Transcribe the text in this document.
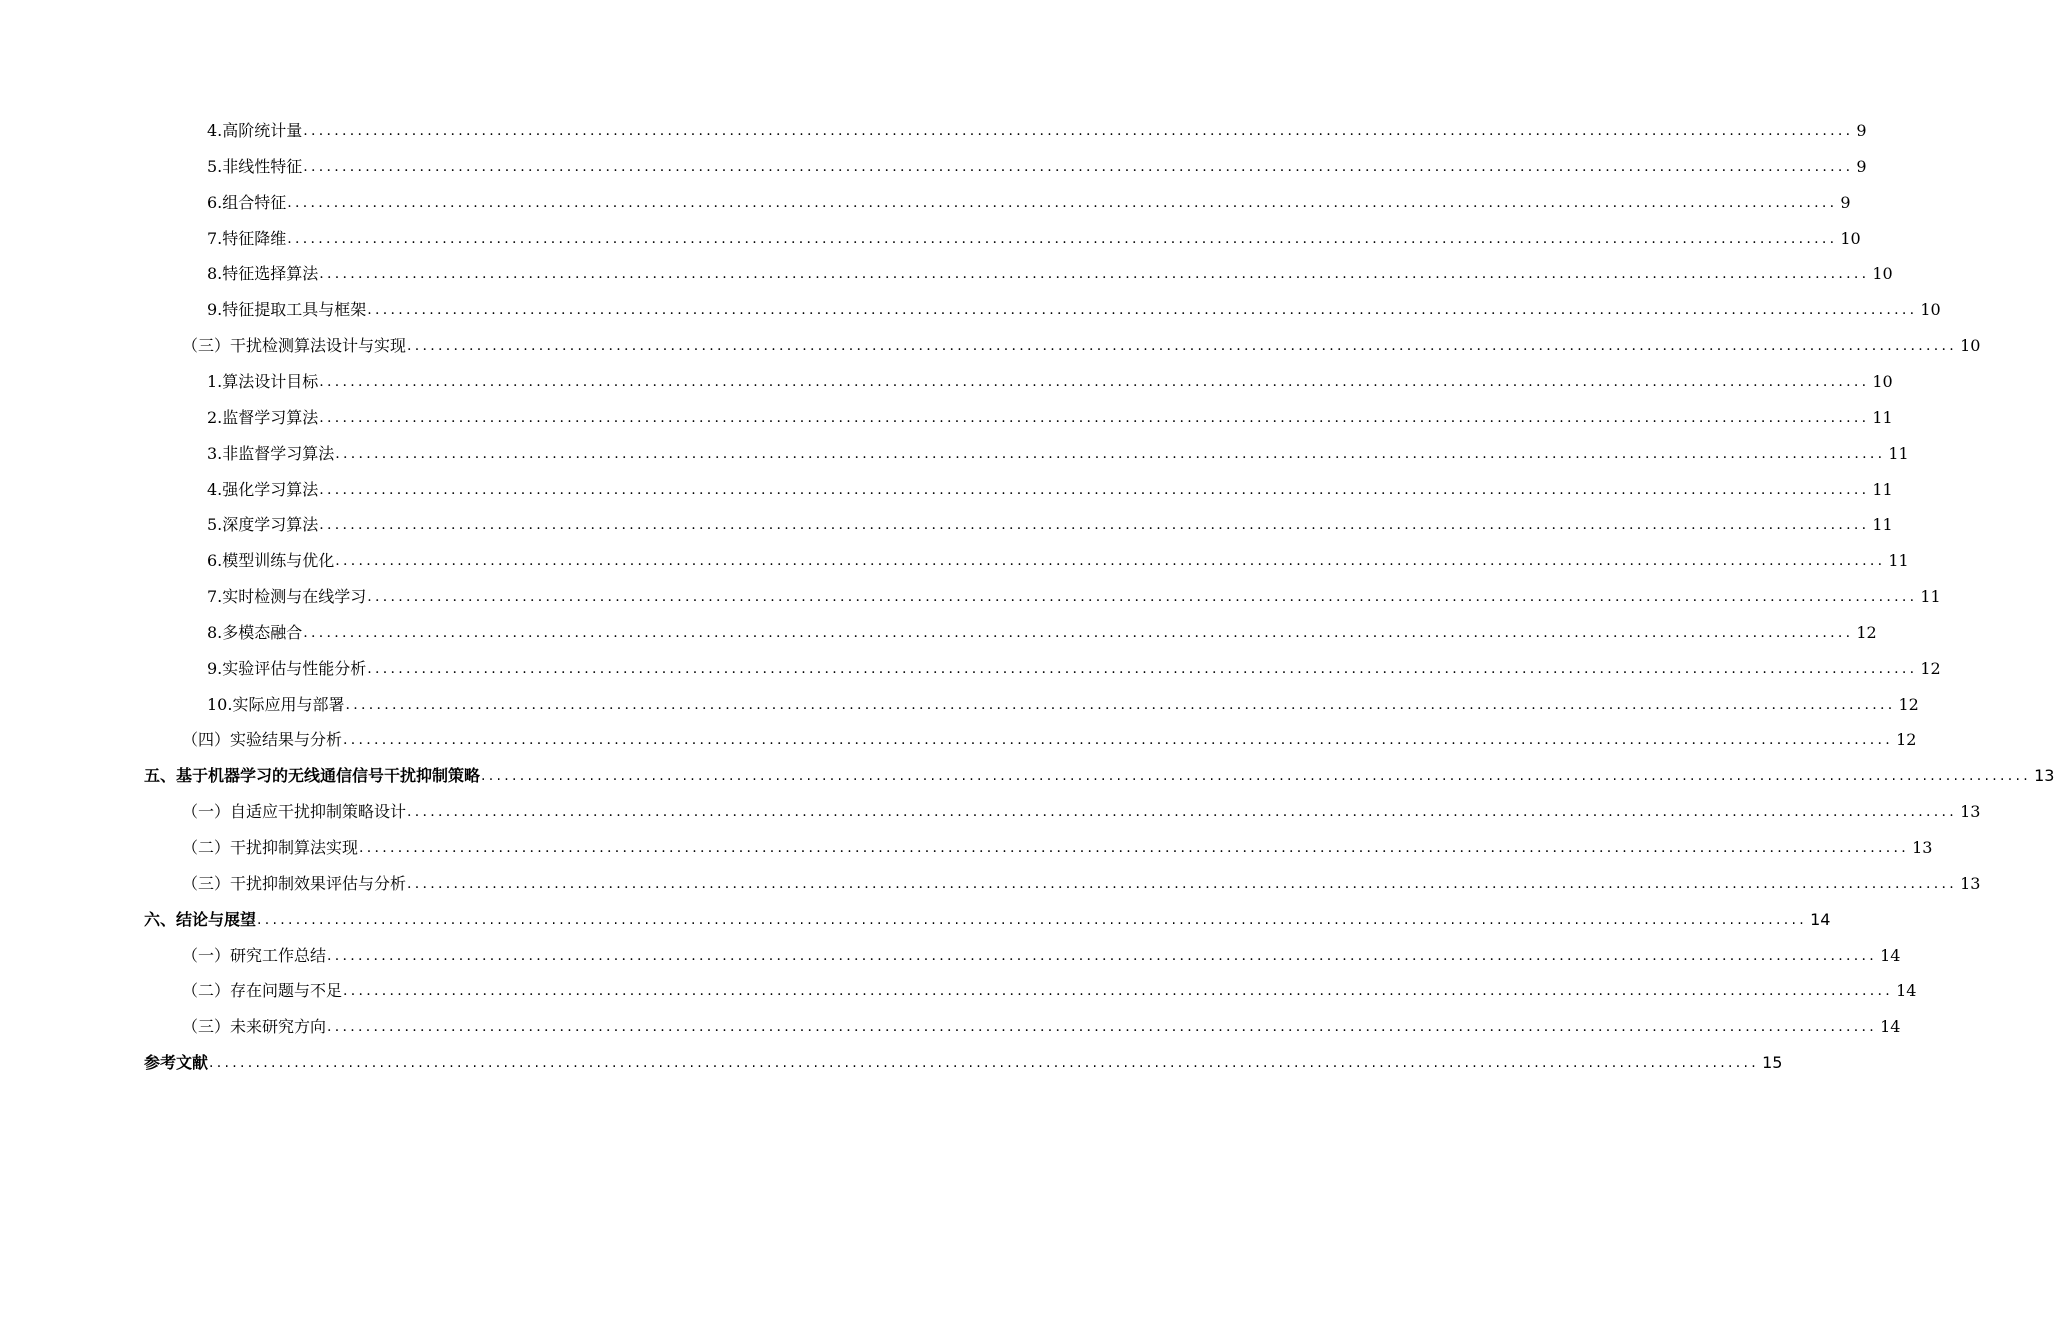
4.高阶统计量 ........................................................................................................................................................................................................ 9
5.非线性特征 ........................................................................................................................................................................................................ 9
6.组合特征 ........................................................................................................................................................................................................ 9
7.特征降维 ........................................................................................................................................................................................................ 10
8.特征选择算法 ........................................................................................................................................................................................................ 10
9.特征提取工具与框架 ........................................................................................................................................................................................................ 10
（三）干扰检测算法设计与实现 ........................................................................................................................................................................................................ 10
1.算法设计目标 ........................................................................................................................................................................................................ 10
2.监督学习算法 ........................................................................................................................................................................................................ 11
3.非监督学习算法 ........................................................................................................................................................................................................ 11
4.强化学习算法 ........................................................................................................................................................................................................ 11
5.深度学习算法 ........................................................................................................................................................................................................ 11
6.模型训练与优化 ........................................................................................................................................................................................................ 11
7.实时检测与在线学习 ........................................................................................................................................................................................................ 11
8.多模态融合 ........................................................................................................................................................................................................ 12
9.实验评估与性能分析 ........................................................................................................................................................................................................ 12
10.实际应用与部署 ........................................................................................................................................................................................................ 12
（四）实验结果与分析 ........................................................................................................................................................................................................ 12
五、基于机器学习的无线通信信号干扰抑制策略 ........................................................................................................................................................................................................ 13
（一）自适应干扰抑制策略设计 ........................................................................................................................................................................................................ 13
（二）干扰抑制算法实现 ........................................................................................................................................................................................................ 13
（三）干扰抑制效果评估与分析 ........................................................................................................................................................................................................ 13
六、结论与展望 ........................................................................................................................................................................................................ 14
（一）研究工作总结 ........................................................................................................................................................................................................ 14
（二）存在问题与不足 ........................................................................................................................................................................................................ 14
（三）未来研究方向 ........................................................................................................................................................................................................ 14
参考文献 ........................................................................................................................................................................................................ 15
